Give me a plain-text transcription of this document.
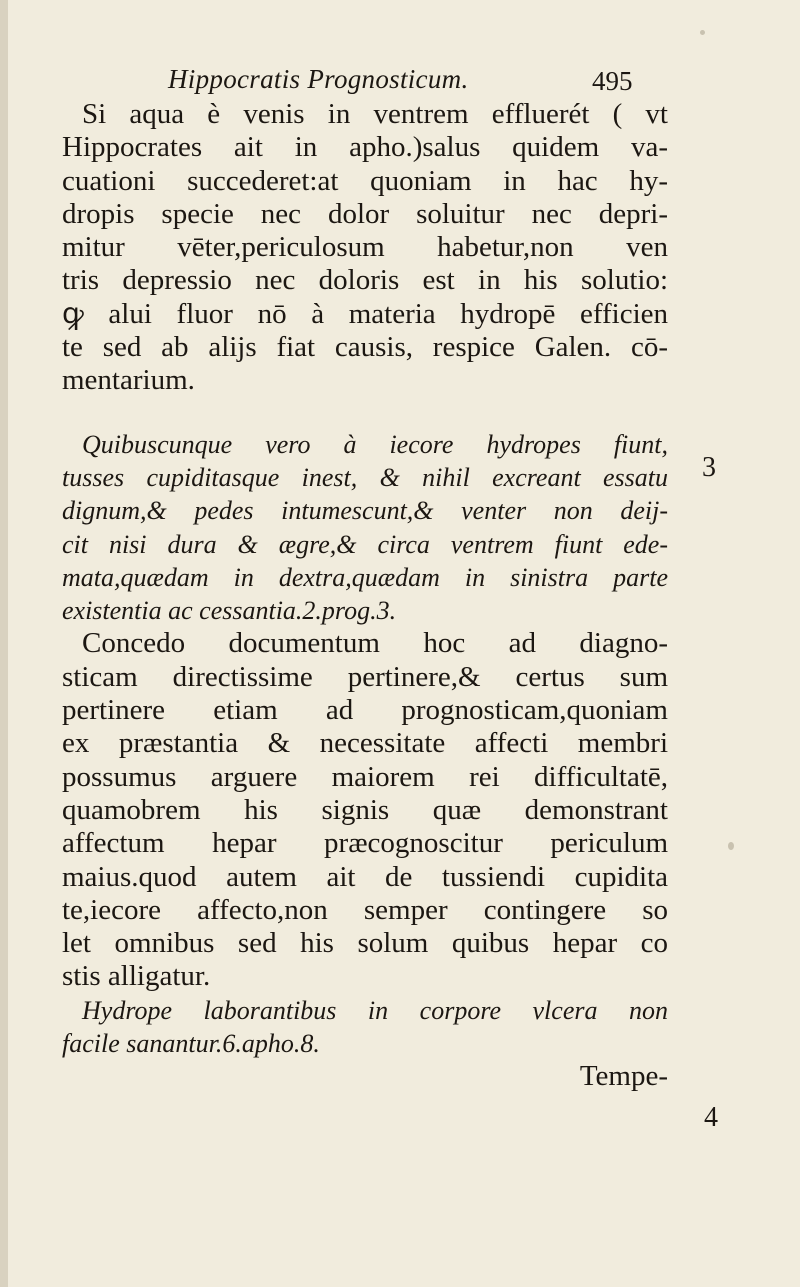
Hippocratis Prognosticum.	495
Si aqua è venis in ventrem effluerét ( vt
Hippocrates ait in apho.)salus quidem va-
cuationi succederet:at quoniam in hac hy-
dropis specie nec dolor soluitur nec depri-
mitur vēter,periculosum habetur,non ven
tris depressio nec doloris est in his solutio:
ꝙ alui fluor nō à materia hydropē efficien
te sed ab alijs fiat causis, respice Galen. cō-
mentarium.
Quibuscunque vero à iecore hydropes fiunt,
tusses cupiditasque inest, & nihil excreant essatu
dignum,& pedes intumescunt,& venter non deij-
cit nisi dura & ægre,& circa ventrem fiunt ede-
mata,quædam in dextra,quædam in sinistra parte
existentia ac cessantia.2.prog.3.
Concedo documentum hoc ad diagno-
sticam directissime pertinere,& certus sum
pertinere etiam ad prognosticam,quoniam
ex præstantia & necessitate affecti membri
possumus arguere maiorem rei difficultatē,
quamobrem his signis quæ demonstrant
affectum hepar præcognoscitur periculum
maius.quod autem ait de tussiendi cupidita
te,iecore affecto,non semper contingere so
let omnibus sed his solum quibus hepar co
stis alligatur.
Hydrope laborantibus in corpore vlcera non
facile sanantur.6.apho.8.
Tempe-
3
4
